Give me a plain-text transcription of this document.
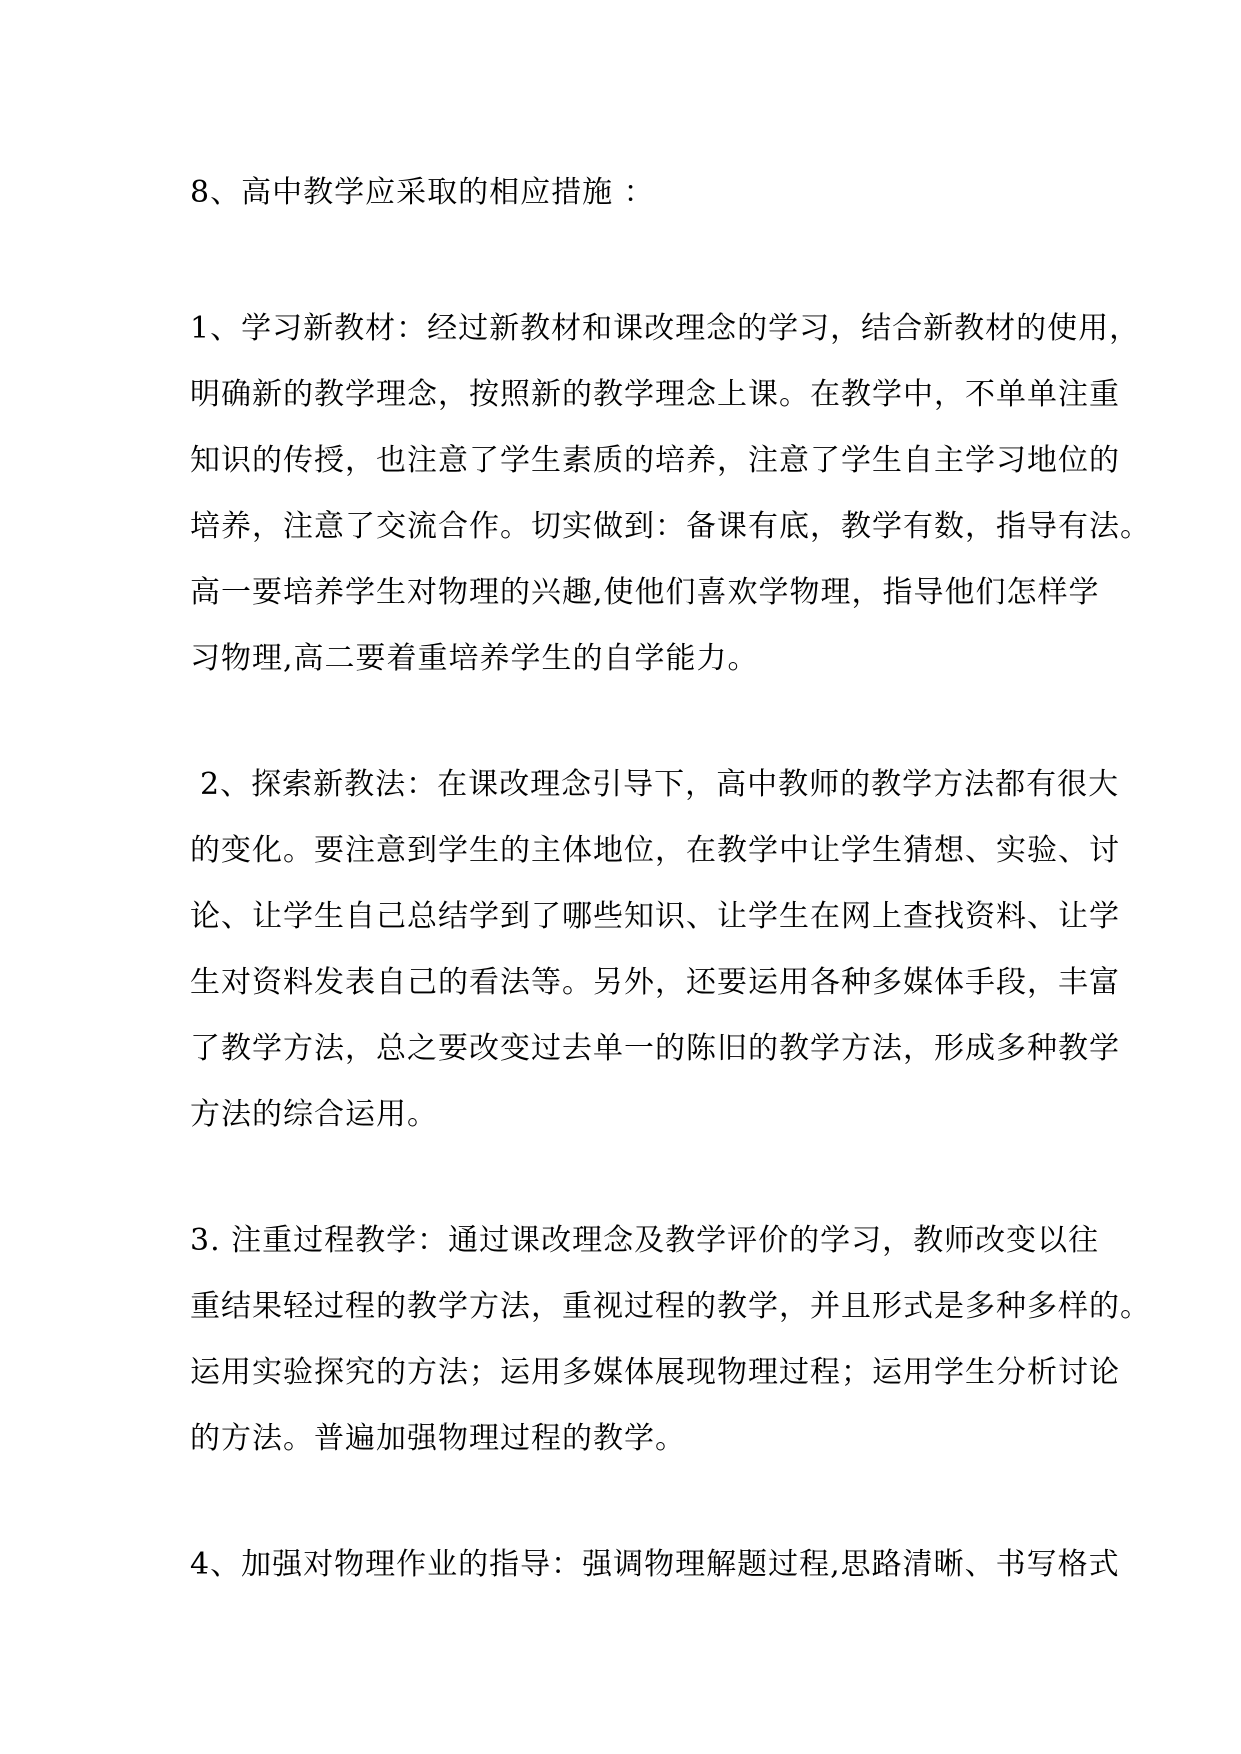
8、高中教学应采取的相应措施 ：
1、学习新教材：经过新教材和课改理念的学习，结合新教材的使用，
明确新的教学理念，按照新的教学理念上课。在教学中，不单单注重
知识的传授，也注意了学生素质的培养，注意了学生自主学习地位的
培养，注意了交流合作。切实做到：备课有底，教学有数，指导有法。
高一要培养学生对物理的兴趣,使他们喜欢学物理，指导他们怎样学
习物理,高二要着重培养学生的自学能力。
2、探索新教法：在课改理念引导下，高中教师的教学方法都有很大
的变化。要注意到学生的主体地位，在教学中让学生猜想、实验、讨
论、让学生自己总结学到了哪些知识、让学生在网上查找资料、让学
生对资料发表自己的看法等。另外，还要运用各种多媒体手段，丰富
了教学方法，总之要改变过去单一的陈旧的教学方法，形成多种教学
方法的综合运用。
3. 注重过程教学：通过课改理念及教学评价的学习，教师改变以往
重结果轻过程的教学方法，重视过程的教学，并且形式是多种多样的。
运用实验探究的方法；运用多媒体展现物理过程；运用学生分析讨论
的方法。普遍加强物理过程的教学。
4、加强对物理作业的指导：强调物理解题过程,思路清晰、书写格式
